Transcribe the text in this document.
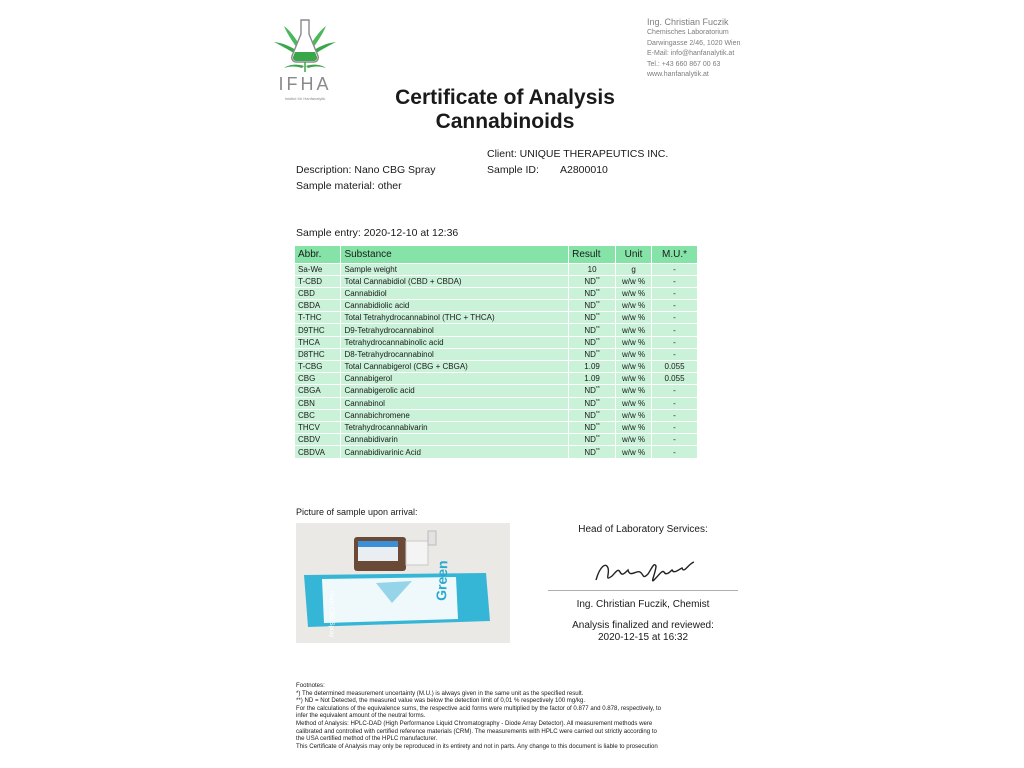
IFHA
Institut für Hanfanalytik
Ing. Christian Fuczik
Chemisches Laboratorium
Darwingasse 2/46, 1020 Wien
E-Mail: info@hanfanalytik.at
Tel.: +43 660 867 00 63
www.hanfanalytik.at
Certificate of Analysis
Cannabinoids
Client: UNIQUE THERAPEUTICS INC.
Description: Nano CBG Spray	Sample ID:	A2800010
Sample material: other
Sample entry: 2020-12-10 at 12:36
Abbr.	Substance	Result	Unit	M.U.*
Sa-We	Sample weight	10	g	-
T-CBD	Total Cannabidiol (CBD + CBDA)	ND**	w/w %	-
CBD	Cannabidiol	ND**	w/w %	-
CBDA	Cannabidiolic acid	ND**	w/w %	-
T-THC	Total Tetrahydrocannabinol (THC + THCA)	ND**	w/w %	-
D9THC	D9-Tetrahydrocannabinol	ND**	w/w %	-
THCA	Tetrahydrocannabinolic acid	ND**	w/w %	-
D8THC	D8-Tetrahydrocannabinol	ND**	w/w %	-
T-CBG	Total Cannabigerol (CBG + CBGA)	1.09	w/w %	0.055
CBG	Cannabigerol	1.09	w/w %	0.055
CBGA	Cannabigerolic acid	ND**	w/w %	-
CBN	Cannabinol	ND**	w/w %	-
CBC	Cannabichromene	ND**	w/w %	-
THCV	Tetrahydrocannabivarin	ND**	w/w %	-
CBDV	Cannabidivarin	ND**	w/w %	-
CBDVA	Cannabidivarinic Acid	ND**	w/w %	-
Picture of sample upon arrival:
Green
Nano CBG Spray
Head of Laboratory Services:
Ing. Christian Fuczik, Chemist
Analysis finalized and reviewed:
2020-12-15 at 16:32
Footnotes:
*) The determined measurement uncertainty (M.U.) is always given in the same unit as the specified result.
**) ND = Not Detected, the measured value was below the detection limit of 0,01 % respectively 100 mg/kg.
For the calculations of the equivalence sums, the respective acid forms were multiplied by the factor of 0.877 and 0.878, respectively, to
infer the equivalent amount of the neutral forms.
Method of Analysis: HPLC-DAD (High Performance Liquid Chromatography - Diode Array Detector). All measurement methods were
calibrated and controlled with certified reference materials (CRM). The measurements with HPLC were carried out strictly according to
the USA certified method of the HPLC manufacturer.
This Certificate of Analysis may only be reproduced in its entirety and not in parts. Any change to this document is liable to prosecution
